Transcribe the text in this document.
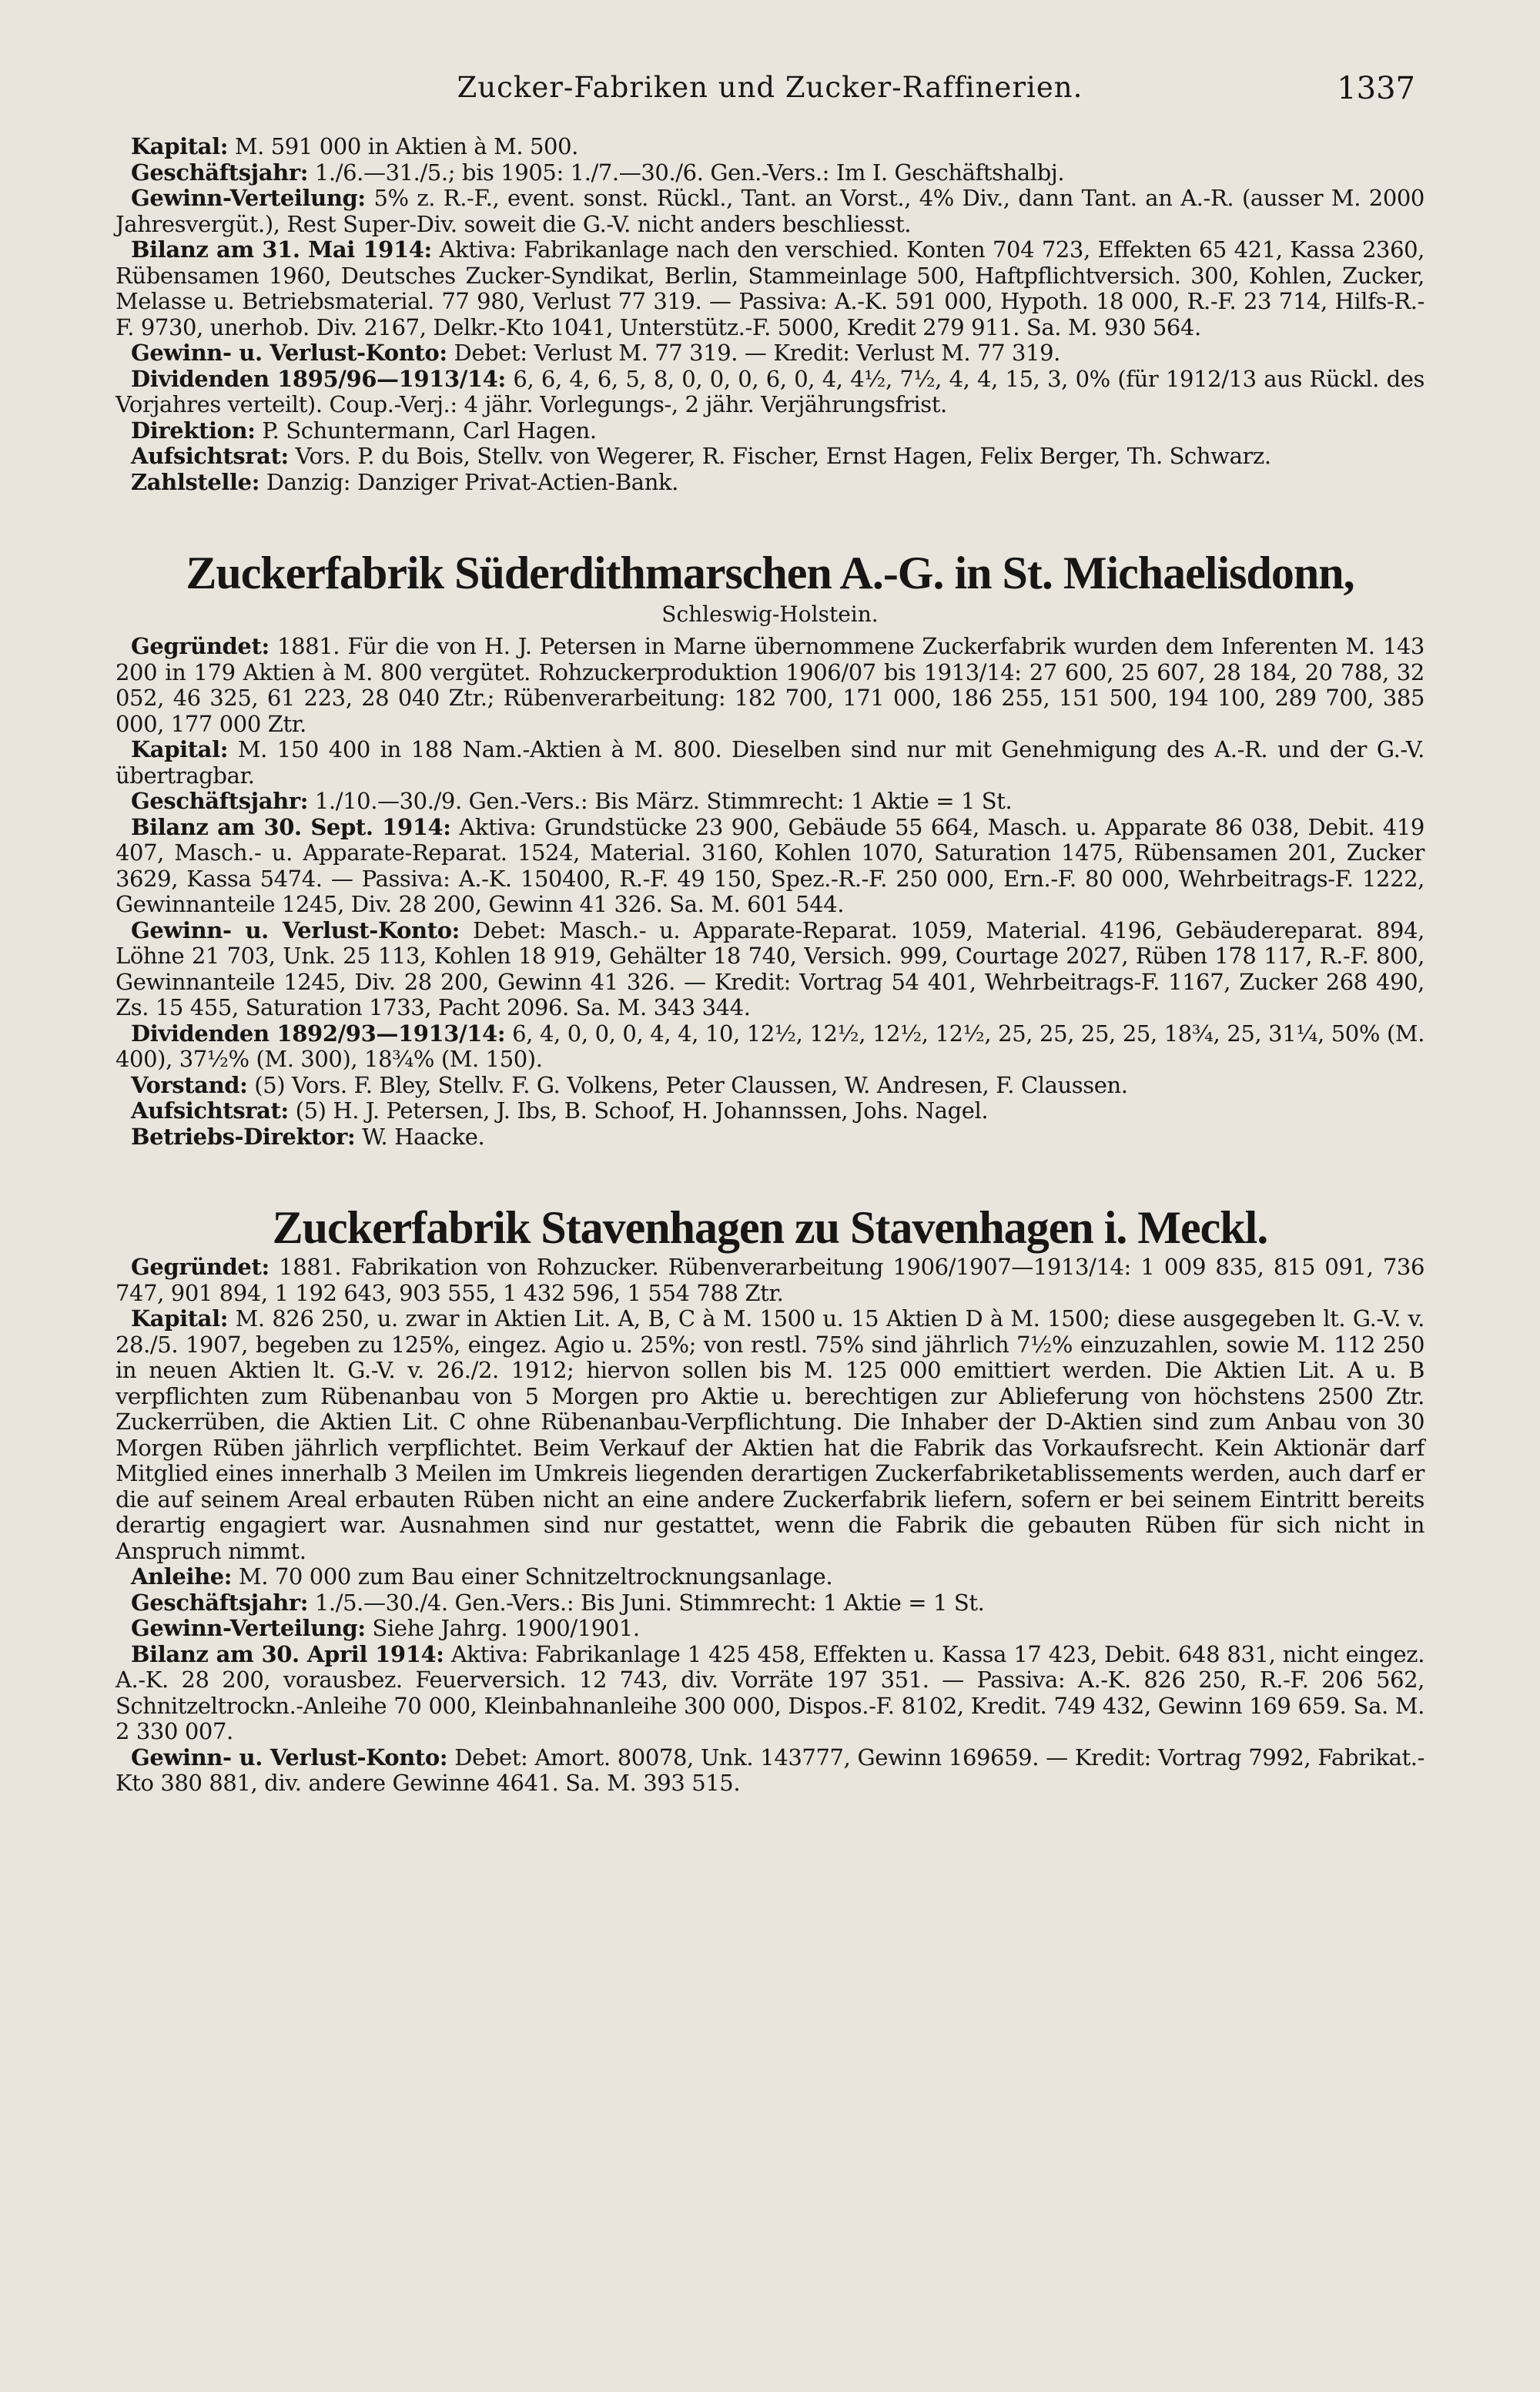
Zucker-Fabriken und Zucker-Raffinerien.	1337

Kapital: M. 591 000 in Aktien à M. 500.

Geschäftsjahr: 1./6.—31./5.; bis 1905: 1./7.—30./6. Gen.-Vers.: Im I. Geschäftshalbj.

Gewinn-Verteilung: 5% z. R.-F., event. sonst. Rückl., Tant. an Vorst., 4% Div., dann Tant. an A.-R. (ausser M. 2000 Jahresvergüt.), Rest Super-Div. soweit die G.-V. nicht anders beschliesst.

Bilanz am 31. Mai 1914: Aktiva: Fabrikanlage nach den verschied. Konten 704 723, Effekten 65 421, Kassa 2360, Rübensamen 1960, Deutsches Zucker-Syndikat, Berlin, Stammeinlage 500, Haftpflichtversich. 300, Kohlen, Zucker, Melasse u. Betriebsmaterial. 77 980, Verlust 77 319. — Passiva: A.-K. 591 000, Hypoth. 18 000, R.-F. 23 714, Hilfs-R.-F. 9730, unerhob. Div. 2167, Delkr.-Kto 1041, Unterstütz.-F. 5000, Kredit 279 911. Sa. M. 930 564.

Gewinn- u. Verlust-Konto: Debet: Verlust M. 77 319. — Kredit: Verlust M. 77 319.

Dividenden 1895/96—1913/14: 6, 6, 4, 6, 5, 8, 0, 0, 0, 6, 0, 4, 4½, 7½, 4, 4, 15, 3, 0% (für 1912/13 aus Rückl. des Vorjahres verteilt). Coup.-Verj.: 4 jähr. Vorlegungs-, 2 jähr. Verjährungsfrist.

Direktion: P. Schuntermann, Carl Hagen.

Aufsichtsrat: Vors. P. du Bois, Stellv. von Wegerer, R. Fischer, Ernst Hagen, Felix Berger, Th. Schwarz.

Zahlstelle: Danzig: Danziger Privat-Actien-Bank.

Zuckerfabrik Süderdithmarschen A.-G. in St. Michaelisdonn,
Schleswig-Holstein.

Gegründet: 1881. Für die von H. J. Petersen in Marne übernommene Zuckerfabrik wurden dem Inferenten M. 143 200 in 179 Aktien à M. 800 vergütet. Rohzuckerproduktion 1906/07 bis 1913/14: 27 600, 25 607, 28 184, 20 788, 32 052, 46 325, 61 223, 28 040 Ztr.; Rübenverarbeitung: 182 700, 171 000, 186 255, 151 500, 194 100, 289 700, 385 000, 177 000 Ztr.

Kapital: M. 150 400 in 188 Nam.-Aktien à M. 800. Dieselben sind nur mit Genehmigung des A.-R. und der G.-V. übertragbar.

Geschäftsjahr: 1./10.—30./9. Gen.-Vers.: Bis März. Stimmrecht: 1 Aktie = 1 St.

Bilanz am 30. Sept. 1914: Aktiva: Grundstücke 23 900, Gebäude 55 664, Masch. u. Apparate 86 038, Debit. 419 407, Masch.- u. Apparate-Reparat. 1524, Material. 3160, Kohlen 1070, Saturation 1475, Rübensamen 201, Zucker 3629, Kassa 5474. — Passiva: A.-K. 150400, R.-F. 49 150, Spez.-R.-F. 250 000, Ern.-F. 80 000, Wehrbeitrags-F. 1222, Gewinnanteile 1245, Div. 28 200, Gewinn 41 326. Sa. M. 601 544.

Gewinn- u. Verlust-Konto: Debet: Masch.- u. Apparate-Reparat. 1059, Material. 4196, Gebäudereparat. 894, Löhne 21 703, Unk. 25 113, Kohlen 18 919, Gehälter 18 740, Versich. 999, Courtage 2027, Rüben 178 117, R.-F. 800, Gewinnanteile 1245, Div. 28 200, Gewinn 41 326. — Kredit: Vortrag 54 401, Wehrbeitrags-F. 1167, Zucker 268 490, Zs. 15 455, Saturation 1733, Pacht 2096. Sa. M. 343 344.

Dividenden 1892/93—1913/14: 6, 4, 0, 0, 0, 4, 4, 10, 12½, 12½, 12½, 12½, 25, 25, 25, 25, 18¾, 25, 31¼, 50% (M. 400), 37½% (M. 300), 18¾% (M. 150).

Vorstand: (5) Vors. F. Bley, Stellv. F. G. Volkens, Peter Claussen, W. Andresen, F. Claussen.

Aufsichtsrat: (5) H. J. Petersen, J. Ibs, B. Schoof, H. Johannssen, Johs. Nagel.

Betriebs-Direktor: W. Haacke.

Zuckerfabrik Stavenhagen zu Stavenhagen i. Meckl.

Gegründet: 1881. Fabrikation von Rohzucker. Rübenverarbeitung 1906/1907—1913/14: 1 009 835, 815 091, 736 747, 901 894, 1 192 643, 903 555, 1 432 596, 1 554 788 Ztr.

Kapital: M. 826 250, u. zwar in Aktien Lit. A, B, C à M. 1500 u. 15 Aktien D à M. 1500; diese ausgegeben lt. G.-V. v. 28./5. 1907, begeben zu 125%, eingez. Agio u. 25%; von restl. 75% sind jährlich 7½% einzuzahlen, sowie M. 112 250 in neuen Aktien lt. G.-V. v. 26./2. 1912; hiervon sollen bis M. 125 000 emittiert werden. Die Aktien Lit. A u. B verpflichten zum Rübenanbau von 5 Morgen pro Aktie u. berechtigen zur Ablieferung von höchstens 2500 Ztr. Zuckerrüben, die Aktien Lit. C ohne Rübenanbau-Verpflichtung. Die Inhaber der D-Aktien sind zum Anbau von 30 Morgen Rüben jährlich verpflichtet. Beim Verkauf der Aktien hat die Fabrik das Vorkaufsrecht. Kein Aktionär darf Mitglied eines innerhalb 3 Meilen im Umkreis liegenden derartigen Zuckerfabriketablissements werden, auch darf er die auf seinem Areal erbauten Rüben nicht an eine andere Zuckerfabrik liefern, sofern er bei seinem Eintritt bereits derartig engagiert war. Ausnahmen sind nur gestattet, wenn die Fabrik die gebauten Rüben für sich nicht in Anspruch nimmt.

Anleihe: M. 70 000 zum Bau einer Schnitzeltrocknungsanlage.

Geschäftsjahr: 1./5.—30./4. Gen.-Vers.: Bis Juni. Stimmrecht: 1 Aktie = 1 St.

Gewinn-Verteilung: Siehe Jahrg. 1900/1901.

Bilanz am 30. April 1914: Aktiva: Fabrikanlage 1 425 458, Effekten u. Kassa 17 423, Debit. 648 831, nicht eingez. A.-K. 28 200, vorausbez. Feuerversich. 12 743, div. Vorräte 197 351. — Passiva: A.-K. 826 250, R.-F. 206 562, Schnitzeltrockn.-Anleihe 70 000, Kleinbahnanleihe 300 000, Dispos.-F. 8102, Kredit. 749 432, Gewinn 169 659. Sa. M. 2 330 007.

Gewinn- u. Verlust-Konto: Debet: Amort. 80078, Unk. 143777, Gewinn 169659. — Kredit: Vortrag 7992, Fabrikat.-Kto 380 881, div. andere Gewinne 4641. Sa. M. 393 515.
